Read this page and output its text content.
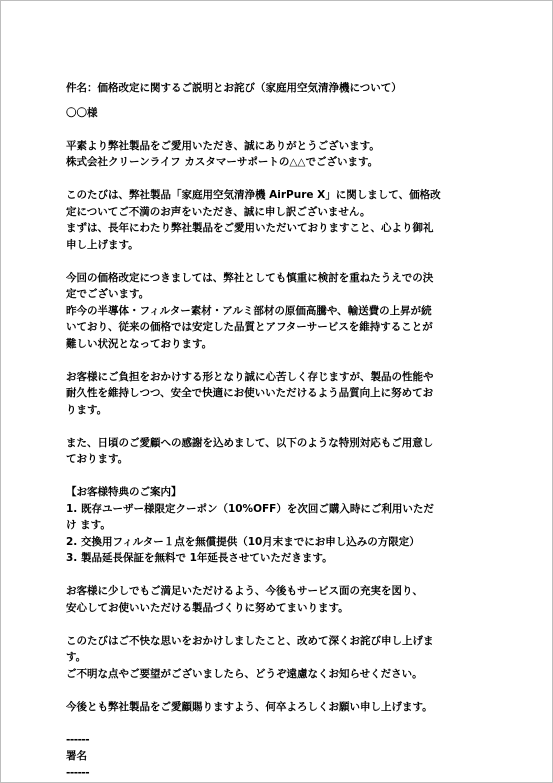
件名：価格改定に関するご説明とお詫び（家庭用空気清浄機について）
〇〇様
平素より弊社製品をご愛用いただき、誠にありがとうございます。
株式会社クリーンライフ カスタマーサポートの△△でございます。
このたびは、弊社製品「家庭用空気清浄機 AirPure X」に関しまして、価格改
定についてご不満のお声をいただき、誠に申し訳ございません。
まずは、長年にわたり弊社製品をご愛用いただいておりますこと、心より御礼
申し上げます。
今回の価格改定につきましては、弊社としても慎重に検討を重ねたうえでの決
定でございます。
昨今の半導体・フィルター素材・アルミ部材の原価高騰や、輸送費の上昇が続
いており、従来の価格では安定した品質とアフターサービスを維持することが
難しい状況となっております。
お客様にご負担をおかけする形となり誠に心苦しく存じますが、製品の性能や
耐久性を維持しつつ、安全で快適にお使いいただけるよう品質向上に努めてお
ります。
また、日頃のご愛顧への感謝を込めまして、以下のような特別対応もご用意し
ております。
【お客様特典のご案内】
1. 既存ユーザー様限定クーポン（10%OFF）を次回ご購入時にご利用いただ
け ます。
2. 交換用フィルター１点を無償提供（10月末までにお申し込みの方限定）
3. 製品延長保証を無料で 1年延長させていただきます。
お客様に少しでもご満足いただけるよう、今後もサービス面の充実を図り、
安心してお使いいただける製品づくりに努めてまいります。
このたびはご不快な思いをおかけしましたこと、改めて深くお詫び申し上げま
す。
ご不明な点やご要望がございましたら、どうぞ遠慮なくお知らせください。
今後とも弊社製品をご愛顧賜りますよう、何卒よろしくお願い申し上げます。
------
署名
------
